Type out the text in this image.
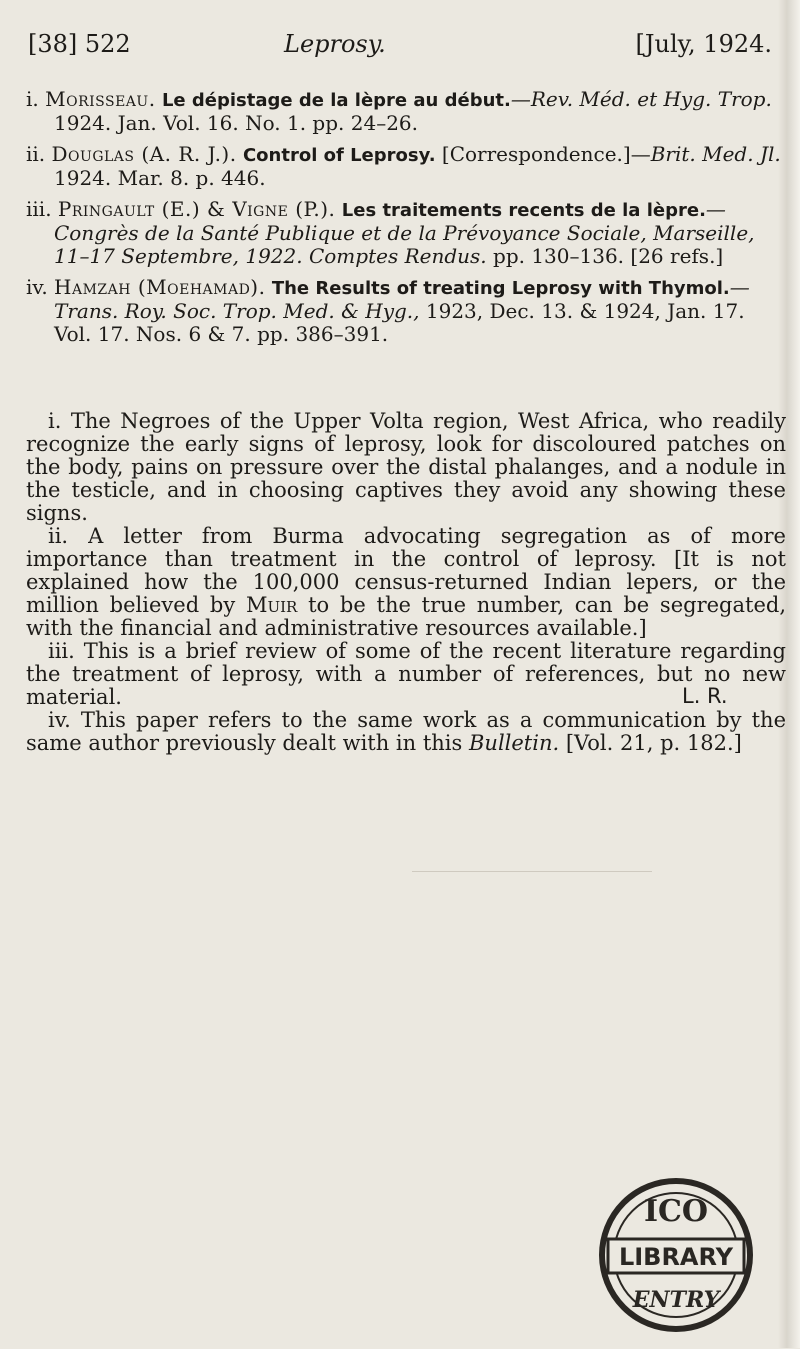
[38] 522	Leprosy.	[July, 1924.
i. Morisseau. Le dépistage de la lèpre au début.—Rev. Méd. et Hyg. Trop. 1924. Jan. Vol. 16. No. 1. pp. 24–26.
ii. Douglas (A. R. J.). Control of Leprosy. [Correspondence.]—Brit. Med. Jl. 1924. Mar. 8. p. 446.
iii. Pringault (E.) & Vigne (P.). Les traitements recents de la lèpre.—Congrès de la Santé Publique et de la Prévoyance Sociale, Marseille, 11–17 Septembre, 1922. Comptes Rendus. pp. 130–136. [26 refs.]
iv. Hamzah (Moehamad). The Results of treating Leprosy with Thymol.—Trans. Roy. Soc. Trop. Med. & Hyg., 1923, Dec. 13. & 1924, Jan. 17. Vol. 17. Nos. 6 & 7. pp. 386–391.

i. The Negroes of the Upper Volta region, West Africa, who readily recognize the early signs of leprosy, look for discoloured patches on the body, pains on pressure over the distal phalanges, and a nodule in the testicle, and in choosing captives they avoid any showing these signs.

ii. A letter from Burma advocating segregation as of more importance than treatment in the control of leprosy. [It is not explained how the 100,000 census-returned Indian lepers, or the million believed by Muir to be the true number, can be segregated, with the financial and administrative resources available.]

iii. This is a brief review of some of the recent literature regarding the treatment of leprosy, with a number of references, but no new material.

iv. This paper refers to the same work as a communication by the same author previously dealt with in this Bulletin. [Vol. 21, p. 182.]

L. R.
LIBRARY
ICO
ENTRY
